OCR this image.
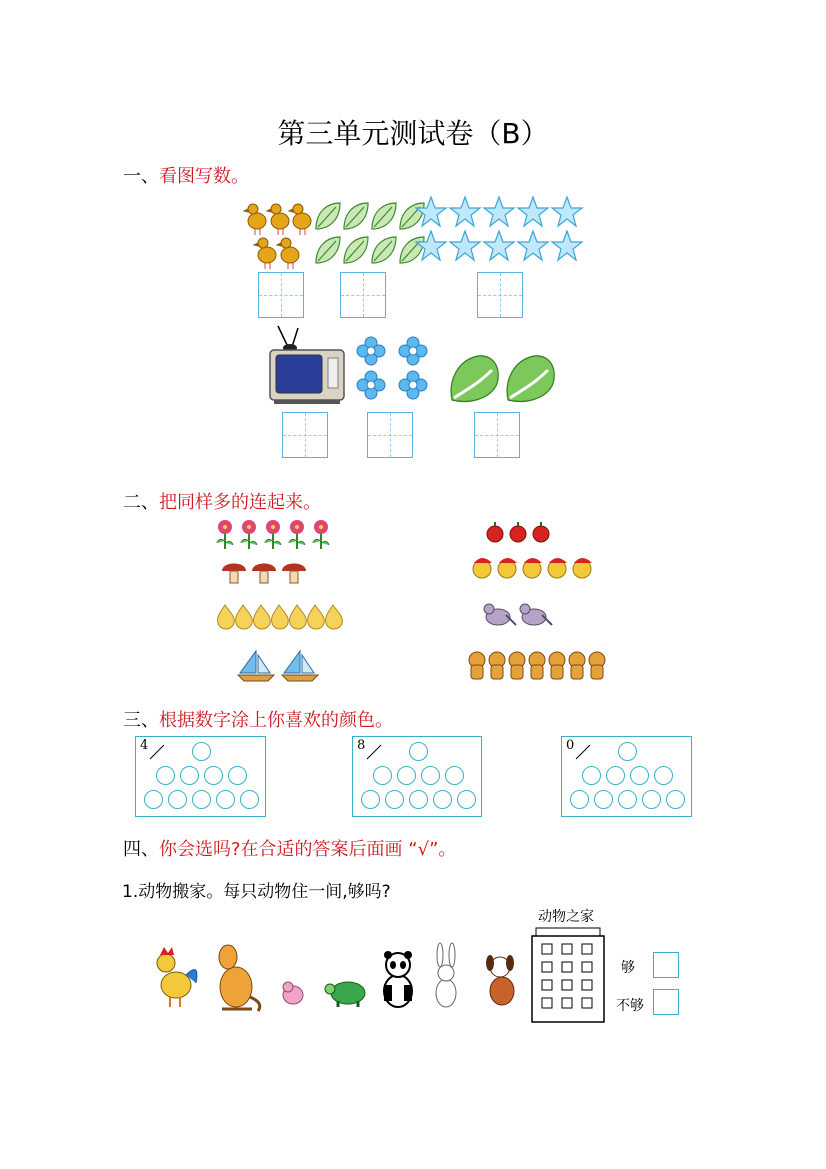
第三单元测试卷（B）
一、看图写数。
二、把同样多的连起来。
三、根据数字涂上你喜欢的颜色。
4	8	0
四、你会选吗?在合适的答案后面画 “√”。
1.动物搬家。每只动物住一间,够吗?
动物之家
够
不够
